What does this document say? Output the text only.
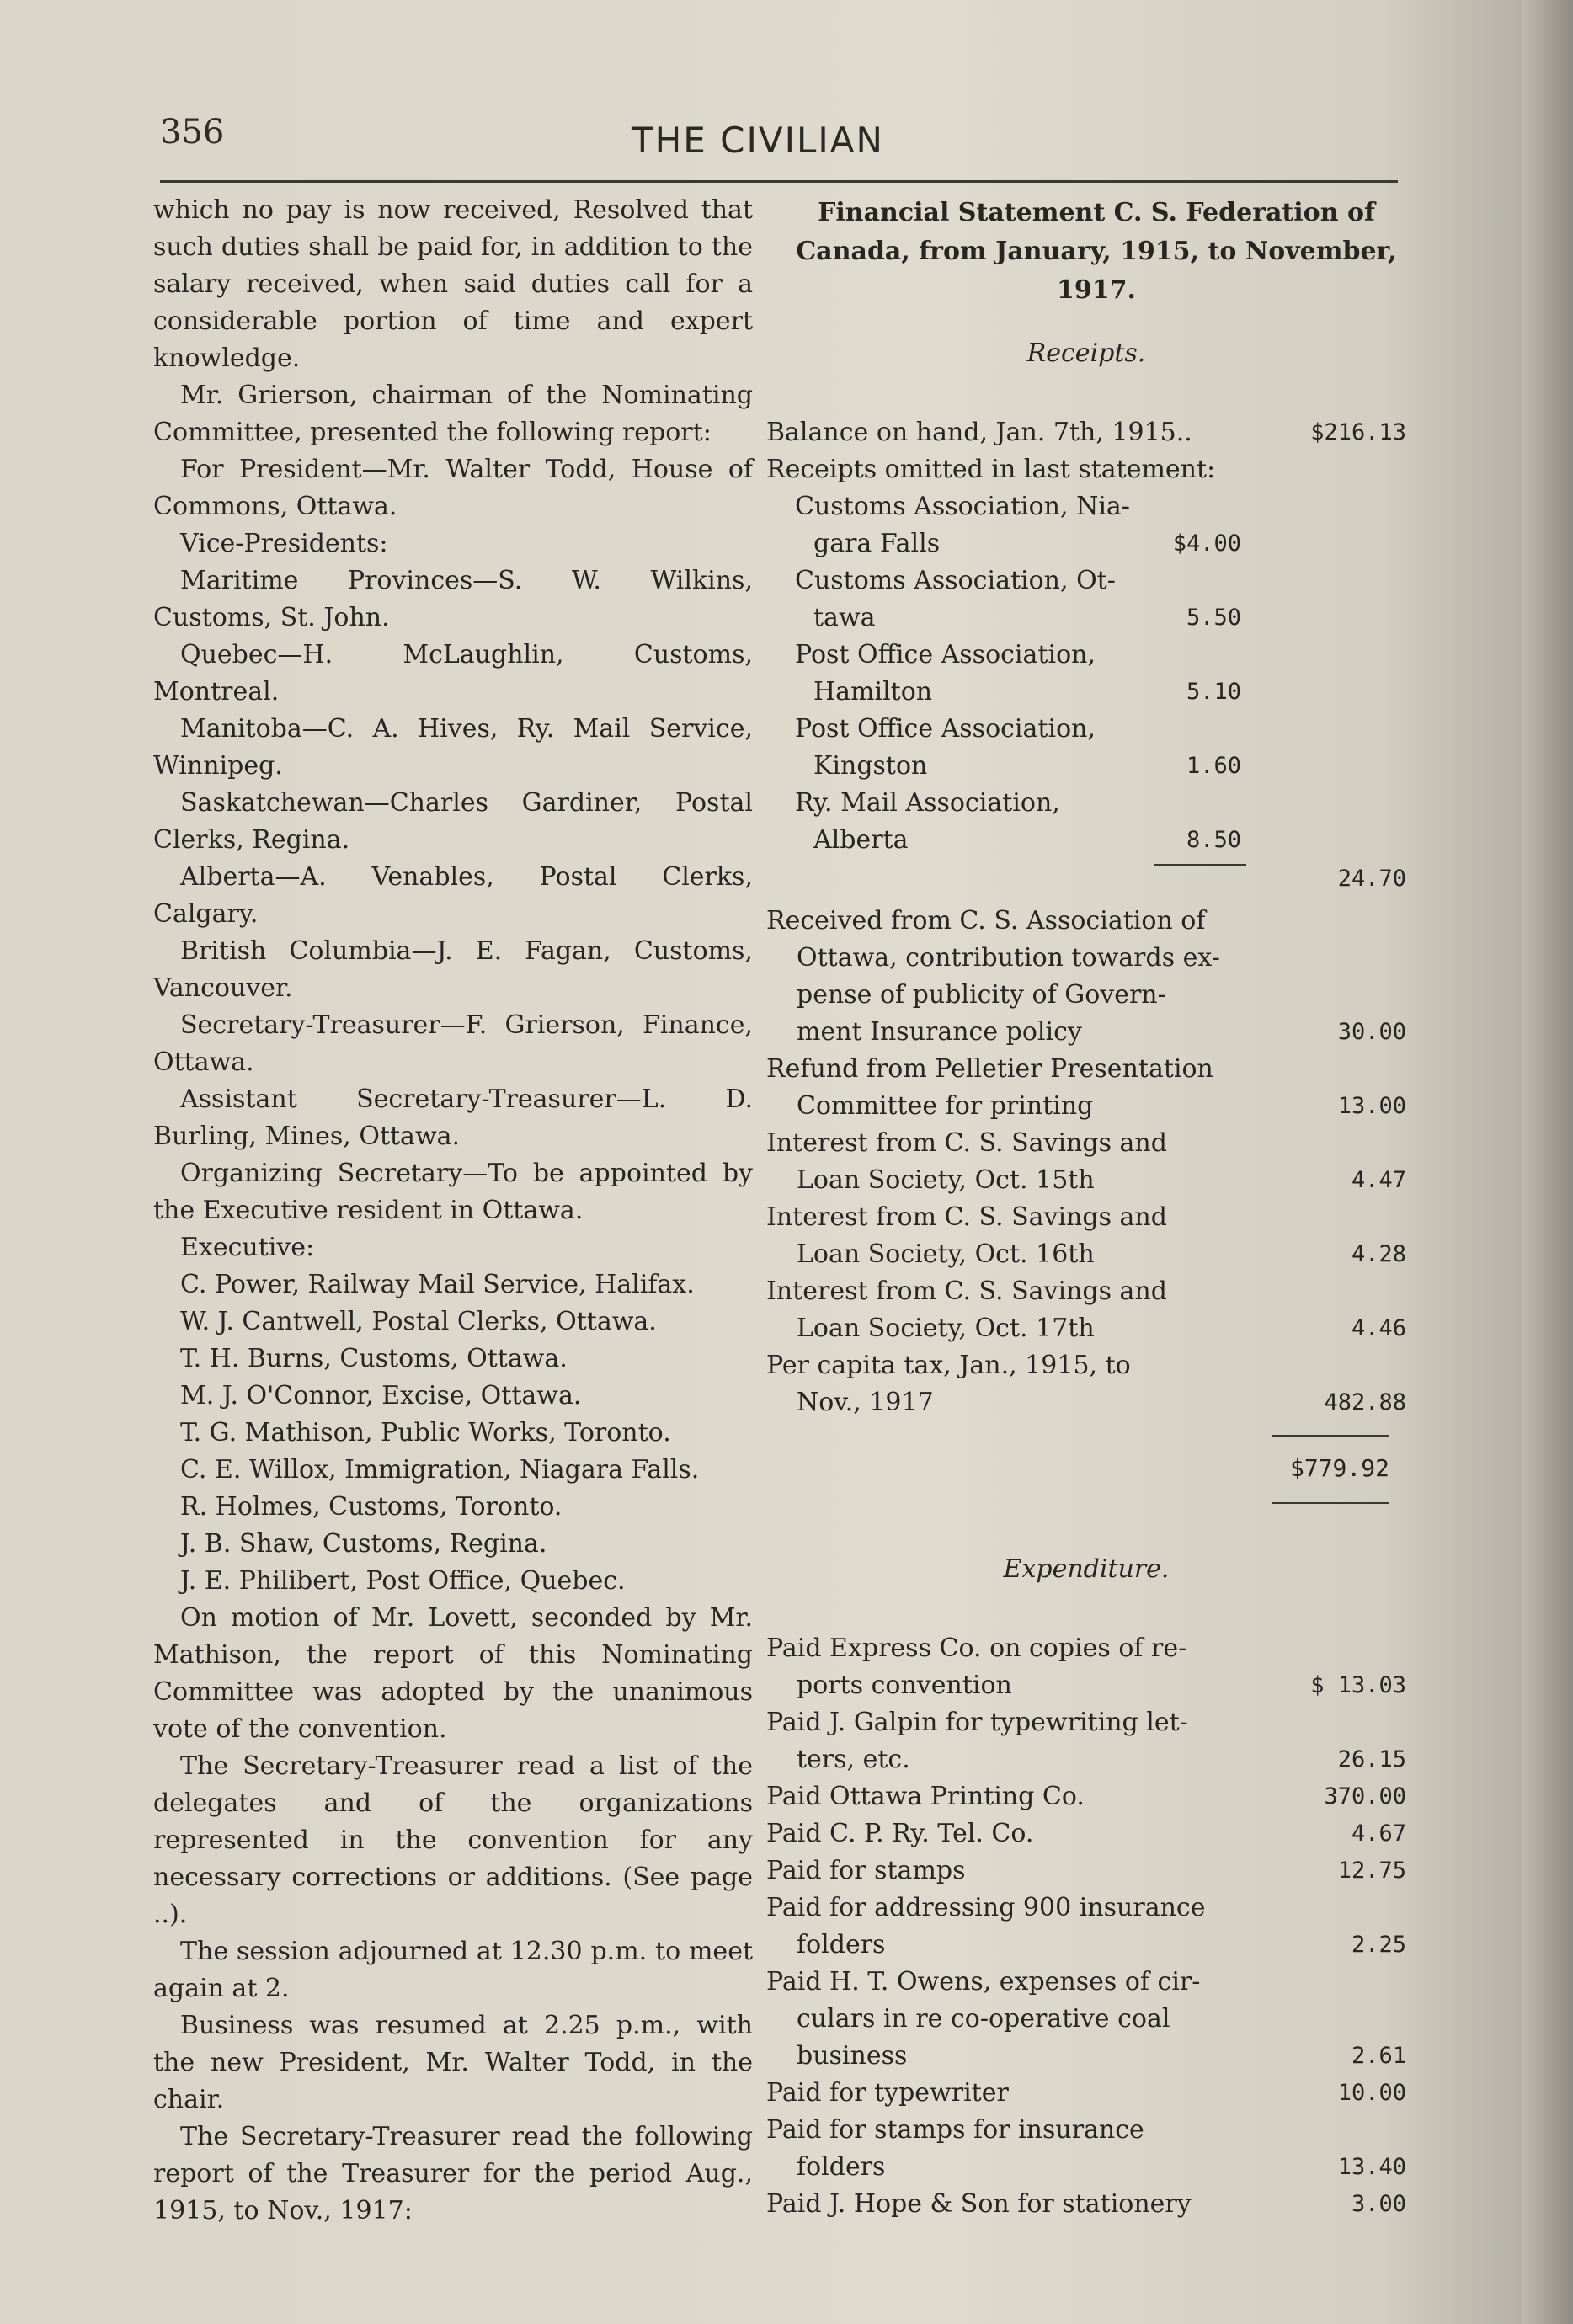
356	THE CIVILIAN

which no pay is now received, Resolved that such duties shall be paid for, in addition to the salary received, when said duties call for a considerable portion of time and expert knowledge.

Mr. Grierson, chairman of the Nominating Committee, presented the following report:

For President—Mr. Walter Todd, House of Commons, Ottawa.

Vice-Presidents:

Maritime Provinces—S. W. Wilkins, Customs, St. John.

Quebec—H. McLaughlin, Customs, Montreal.

Manitoba—C. A. Hives, Ry. Mail Service, Winnipeg.

Saskatchewan—Charles Gardiner, Postal Clerks, Regina.

Alberta—A. Venables, Postal Clerks, Calgary.

British Columbia—J. E. Fagan, Customs, Vancouver.

Secretary-Treasurer—F. Grierson, Finance, Ottawa.

Assistant Secretary-Treasurer—L. D. Burling, Mines, Ottawa.

Organizing Secretary—To be appointed by the Executive resident in Ottawa.

Executive:

C. Power, Railway Mail Service, Halifax.
W. J. Cantwell, Postal Clerks, Ottawa.
T. H. Burns, Customs, Ottawa.
M. J. O'Connor, Excise, Ottawa.
T. G. Mathison, Public Works, Toronto.
C. E. Willox, Immigration, Niagara Falls.
R. Holmes, Customs, Toronto.
J. B. Shaw, Customs, Regina.
J. E. Philibert, Post Office, Quebec.

On motion of Mr. Lovett, seconded by Mr. Mathison, the report of this Nominating Committee was adopted by the unanimous vote of the convention.

The Secretary-Treasurer read a list of the delegates and of the organizations represented in the convention for any necessary corrections or additions. (See page ..).

The session adjourned at 12.30 p.m. to meet again at 2.

Business was resumed at 2.25 p.m., with the new President, Mr. Walter Todd, in the chair.

The Secretary-Treasurer read the following report of the Treasurer for the period Aug., 1915, to Nov., 1917:

Financial Statement C. S. Federation of Canada, from January, 1915, to November, 1917.
Receipts.
Balance on hand, Jan. 7th, 1915..	$216.13
Receipts omitted in last statement:
Customs Association, Nia-
gara Falls	$4.00
Customs Association, Ot-
tawa	5.50
Post Office Association,
Hamilton	5.10
Post Office Association,
Kingston	1.60
Ry. Mail Association,
Alberta	8.50
24.70
Received from C. S. Association of
Ottawa, contribution towards ex-
pense of publicity of Govern-
ment Insurance policy	30.00
Refund from Pelletier Presentation
Committee for printing	13.00
Interest from C. S. Savings and
Loan Society, Oct. 15th	4.47
Interest from C. S. Savings and
Loan Society, Oct. 16th	4.28
Interest from C. S. Savings and
Loan Society, Oct. 17th	4.46
Per capita tax, Jan., 1915, to
Nov., 1917	482.88
$779.92
Expenditure.
Paid Express Co. on copies of re-
ports convention	$ 13.03
Paid J. Galpin for typewriting let-
ters, etc.	26.15
Paid Ottawa Printing Co.	370.00
Paid C. P. Ry. Tel. Co.	4.67
Paid for stamps	12.75
Paid for addressing 900 insurance
folders	2.25
Paid H. T. Owens, expenses of cir-
culars in re co-operative coal
business	2.61
Paid for typewriter	10.00
Paid for stamps for insurance
folders	13.40
Paid J. Hope & Son for stationery	3.00
